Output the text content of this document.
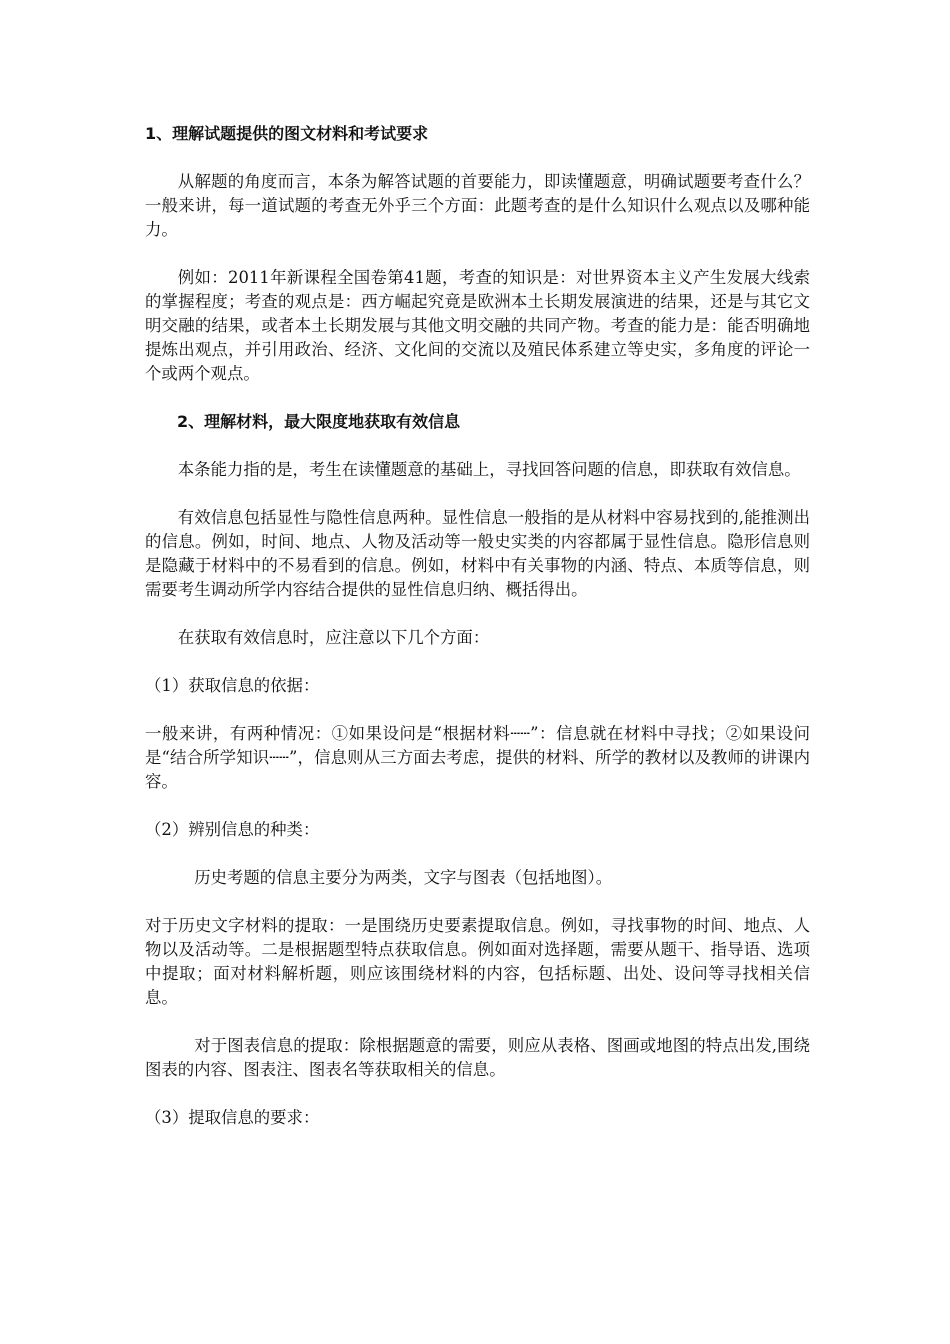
1、理解试题提供的图文材料和考试要求
从解题的角度而言，本条为解答试题的首要能力，即读懂题意，明确试题要考查什么？一般来讲，每一道试题的考查无外乎三个方面：此题考查的是什么知识什么观点以及哪种能力。
例如：2011年新课程全国卷第41题，考查的知识是：对世界资本主义产生发展大线索的掌握程度；考查的观点是：西方崛起究竟是欧洲本土长期发展演进的结果，还是与其它文明交融的结果，或者本土长期发展与其他文明交融的共同产物。考查的能力是：能否明确地提炼出观点，并引用政治、经济、文化间的交流以及殖民体系建立等史实，多角度的评论一个或两个观点。
2、理解材料，最大限度地获取有效信息
本条能力指的是，考生在读懂题意的基础上，寻找回答问题的信息，即获取有效信息。
有效信息包括显性与隐性信息两种。显性信息一般指的是从材料中容易找到的,能推测出的信息。例如，时间、地点、人物及活动等一般史实类的内容都属于显性信息。隐形信息则是隐藏于材料中的不易看到的信息。例如，材料中有关事物的内涵、特点、本质等信息，则需要考生调动所学内容结合提供的显性信息归纳、概括得出。
在获取有效信息时，应注意以下几个方面：
（1）获取信息的依据：
一般来讲，有两种情况：①如果设问是“根据材料┄┄”：信息就在材料中寻找；②如果设问是“结合所学知识┄┄”，信息则从三方面去考虑，提供的材料、所学的教材以及教师的讲课内容。
（2）辨别信息的种类：
历史考题的信息主要分为两类，文字与图表（包括地图）。
对于历史文字材料的提取：一是围绕历史要素提取信息。例如，寻找事物的时间、地点、人物以及活动等。二是根据题型特点获取信息。例如面对选择题，需要从题干、指导语、选项中提取；面对材料解析题，则应该围绕材料的内容，包括标题、出处、设问等寻找相关信息。
对于图表信息的提取：除根据题意的需要，则应从表格、图画或地图的特点出发,围绕图表的内容、图表注、图表名等获取相关的信息。
（3）提取信息的要求：
